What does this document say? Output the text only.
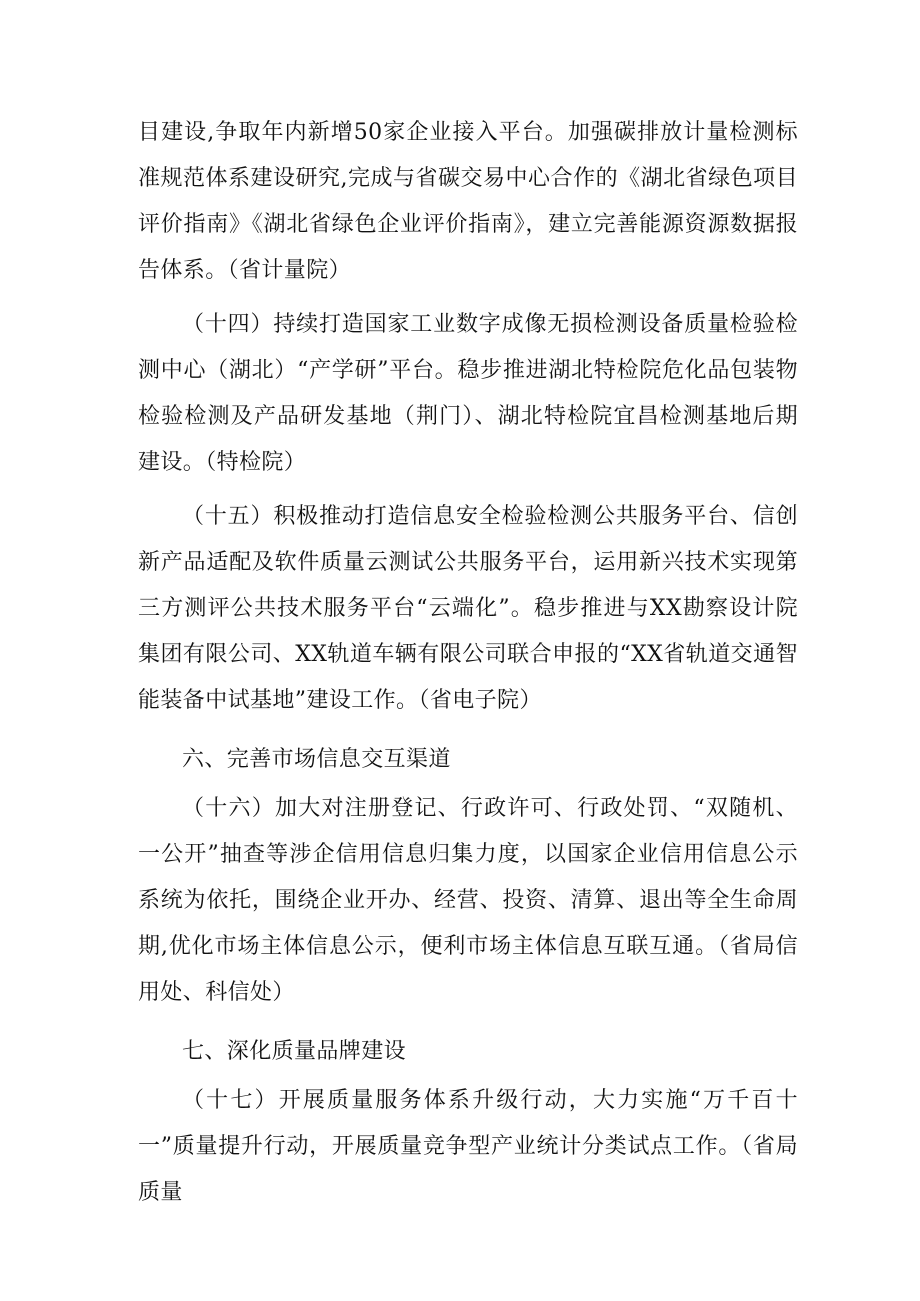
目建设,争取年内新增50家企业接入平台。加强碳排放计量检测标准规范体系建设研究,完成与省碳交易中心合作的《湖北省绿色项目评价指南》《湖北省绿色企业评价指南》，建立完善能源资源数据报告体系。（省计量院）

（十四）持续打造国家工业数字成像无损检测设备质量检验检测中心（湖北）“产学研”平台。稳步推进湖北特检院危化品包装物检验检测及产品研发基地（荆门）、湖北特检院宜昌检测基地后期建设。（特检院）

（十五）积极推动打造信息安全检验检测公共服务平台、信创新产品适配及软件质量云测试公共服务平台，运用新兴技术实现第三方测评公共技术服务平台“云端化”。稳步推进与XX勘察设计院集团有限公司、XX轨道车辆有限公司联合申报的“XX省轨道交通智能装备中试基地”建设工作。（省电子院）

六、完善市场信息交互渠道

（十六）加大对注册登记、行政许可、行政处罚、“双随机、一公开”抽查等涉企信用信息归集力度，以国家企业信用信息公示系统为依托，围绕企业开办、经营、投资、清算、退出等全生命周期,优化市场主体信息公示，便利市场主体信息互联互通。（省局信用处、科信处）

七、深化质量品牌建设

（十七）开展质量服务体系升级行动，大力实施“万千百十一”质量提升行动，开展质量竞争型产业统计分类试点工作。（省局质量
